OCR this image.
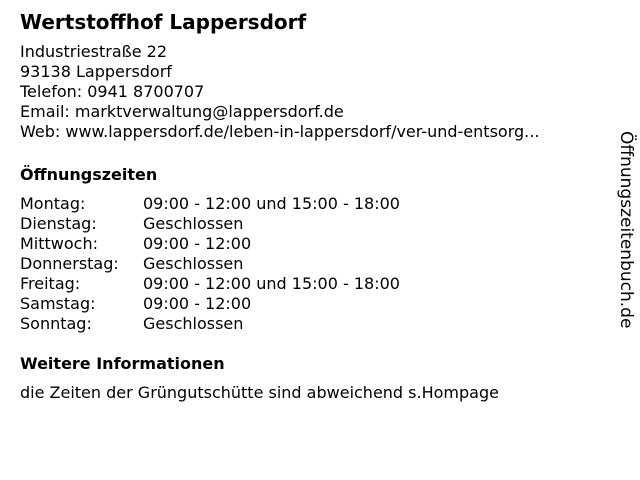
Wertstoffhof Lappersdorf
Industriestraße 22
93138 Lappersdorf
Telefon: 0941 8700707
Email: marktverwaltung@lappersdorf.de
Web: www.lappersdorf.de/leben-in-lappersdorf/ver-und-entsorg...
Öffnungszeiten
Montag:	09:00 - 12:00 und 15:00 - 18:00
Dienstag:	Geschlossen
Mittwoch:	09:00 - 12:00
Donnerstag: Geschlossen
Freitag:	09:00 - 12:00 und 15:00 - 18:00
Samstag:	09:00 - 12:00
Sonntag:	Geschlossen
Weitere Informationen
die Zeiten der Grüngutschütte sind abweichend s.Hompage
Öffnungszeitenbuch.de
